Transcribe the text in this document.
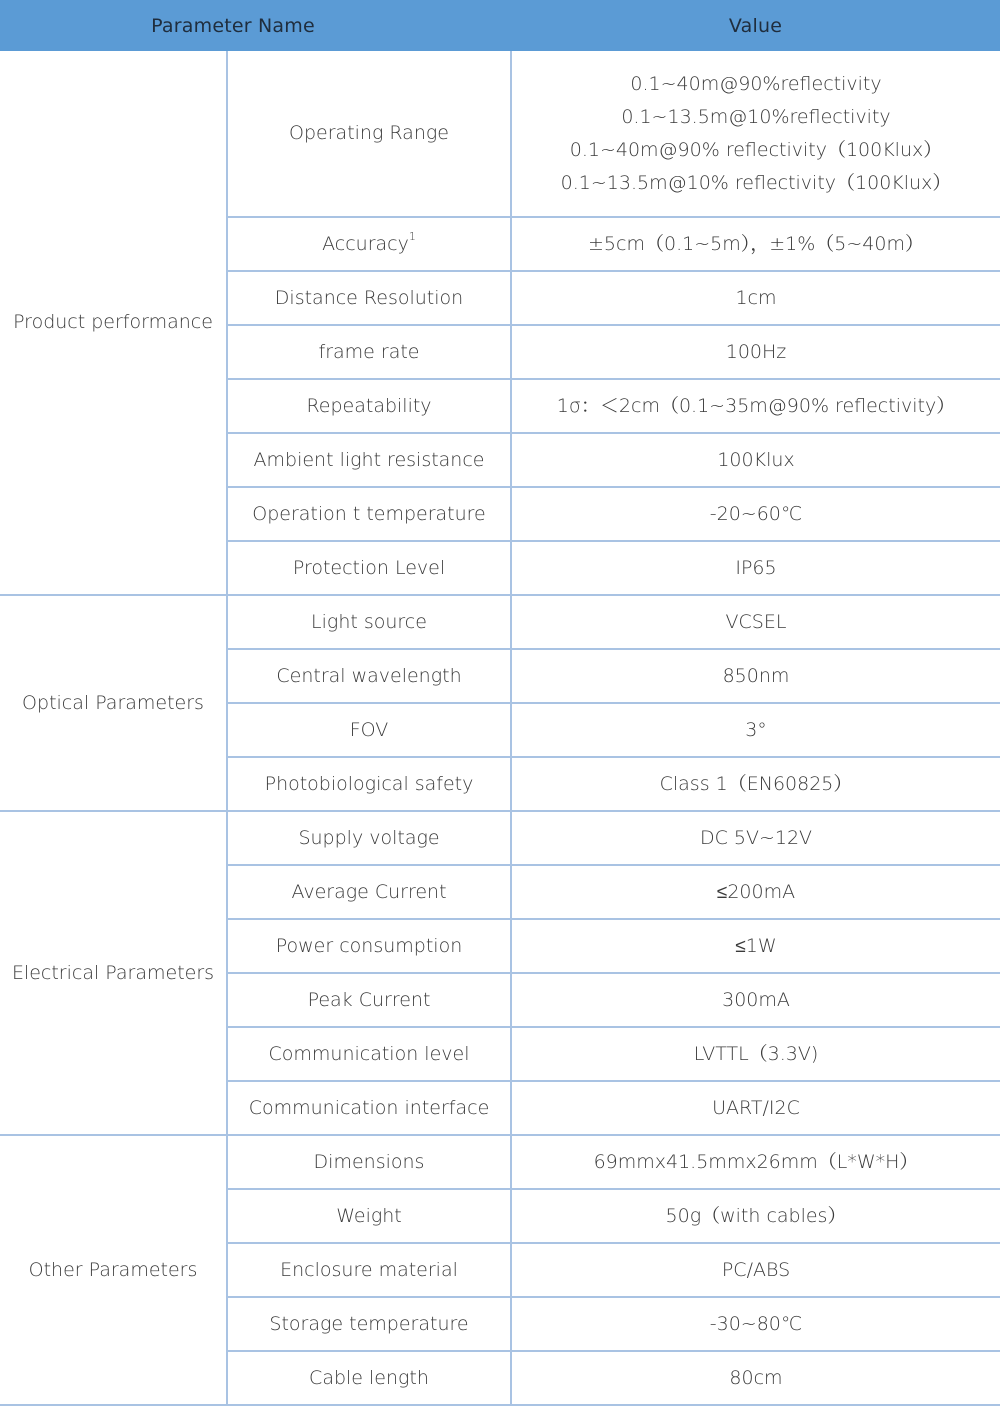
Parameter Name		Value
Product performance	Operating Range	0.1~40m@90%reflectivity
0.1~13.5m@10%reflectivity
0.1~40m@90% reflectivity（100Klux）
0.1~13.5m@10% reflectivity（100Klux）

	Accuracy$^1$	±5cm（0.1~5m），±1%（5~40m）

	Distance Resolution	1cm

	frame rate	100Hz

	Repeatability	1σ：＜2cm（0.1~35m@90% reflectivity）

	Ambient light resistance	100Klux

	Operation t temperature	-20~60℃

	Protection Level	IP65

Optical Parameters	Light source	VCSEL

	Central wavelength	850nm

	FOV	3°

	Photobiological safety	Class 1（EN60825）

Electrical Parameters	Supply voltage	DC 5V~12V

	Average Current	≤200mA

	Power consumption	≤1W

	Peak Current	300mA

	Communication level	LVTTL（3.3V)

	Communication interface	UART/I2C

Other Parameters	Dimensions	69mmx41.5mmx26mm（L*W*H）

	Weight	50g（with cables）

	Enclosure material	PC/ABS

	Storage temperature	-30~80℃

	Cable length	80cm
